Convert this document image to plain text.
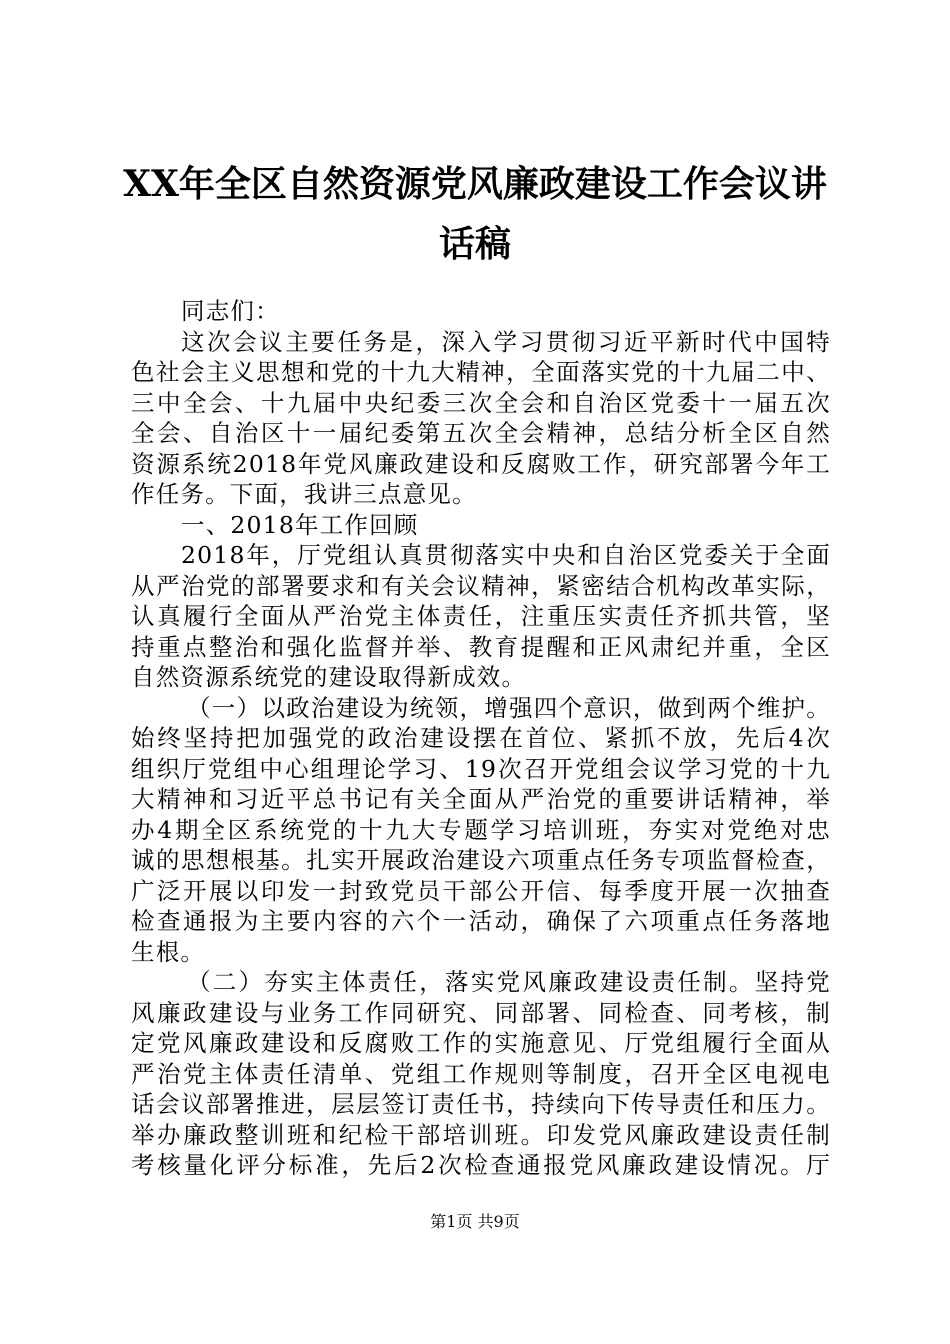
XX年全区自然资源党风廉政建设工作会议讲
话稿
同志们：
这次会议主要任务是，深入学习贯彻习近平新时代中国特
色社会主义思想和党的十九大精神，全面落实党的十九届二中、
三中全会、十九届中央纪委三次全会和自治区党委十一届五次
全会、自治区十一届纪委第五次全会精神，总结分析全区自然
资源系统2018年党风廉政建设和反腐败工作，研究部署今年工
作任务。下面，我讲三点意见。
一、2018年工作回顾
2018年，厅党组认真贯彻落实中央和自治区党委关于全面
从严治党的部署要求和有关会议精神，紧密结合机构改革实际，
认真履行全面从严治党主体责任，注重压实责任齐抓共管，坚
持重点整治和强化监督并举、教育提醒和正风肃纪并重，全区
自然资源系统党的建设取得新成效。
（一）以政治建设为统领，增强四个意识，做到两个维护。
始终坚持把加强党的政治建设摆在首位、紧抓不放，先后4次
组织厅党组中心组理论学习、19次召开党组会议学习党的十九
大精神和习近平总书记有关全面从严治党的重要讲话精神，举
办4期全区系统党的十九大专题学习培训班，夯实对党绝对忠
诚的思想根基。扎实开展政治建设六项重点任务专项监督检查，
广泛开展以印发一封致党员干部公开信、每季度开展一次抽查
检查通报为主要内容的六个一活动，确保了六项重点任务落地
生根。
（二）夯实主体责任，落实党风廉政建设责任制。坚持党
风廉政建设与业务工作同研究、同部署、同检查、同考核，制
定党风廉政建设和反腐败工作的实施意见、厅党组履行全面从
严治党主体责任清单、党组工作规则等制度，召开全区电视电
话会议部署推进，层层签订责任书，持续向下传导责任和压力。
举办廉政整训班和纪检干部培训班。印发党风廉政建设责任制
考核量化评分标准，先后2次检查通报党风廉政建设情况。厅
第1页 共9页
